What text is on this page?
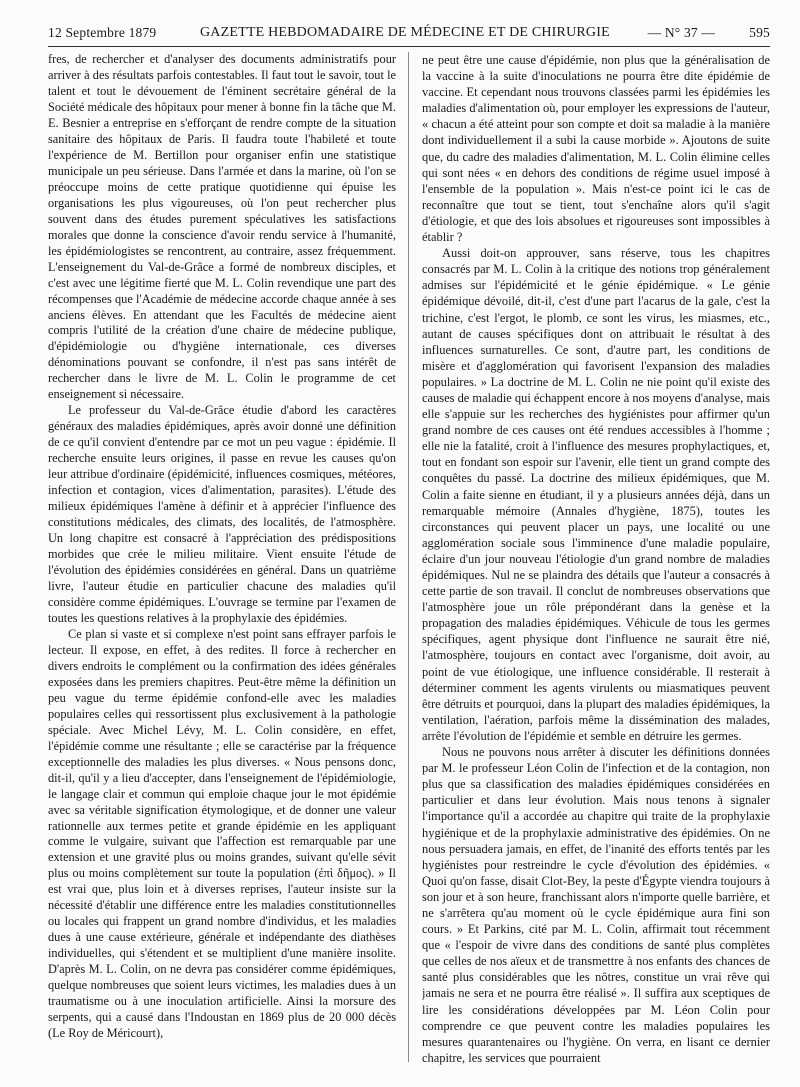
12 Septembre 1879	GAZETTE HEBDOMADAIRE DE MÉDECINE ET DE CHIRURGIE	— N° 37 —	595

fres, de rechercher et d'analyser des documents administratifs pour arriver à des résultats parfois contestables. Il faut tout le savoir, tout le talent et tout le dévouement de l'éminent secrétaire général de la Société médicale des hôpitaux pour mener à bonne fin la tâche que M. E. Besnier a entreprise en s'efforçant de rendre compte de la situation sanitaire des hôpitaux de Paris. Il faudra toute l'habileté et toute l'expérience de M. Bertillon pour organiser enfin une statistique municipale un peu sérieuse. Dans l'armée et dans la marine, où l'on se préoccupe moins de cette pratique quotidienne qui épuise les organisations les plus vigoureuses, où l'on peut rechercher plus souvent dans des études purement spéculatives les satisfactions morales que donne la conscience d'avoir rendu service à l'humanité, les épidémiologistes se rencontrent, au contraire, assez fréquemment. L'enseignement du Val-de-Grâce a formé de nombreux disciples, et c'est avec une légitime fierté que M. L. Colin revendique une part des récompenses que l'Académie de médecine accorde chaque année à ses anciens élèves. En attendant que les Facultés de médecine aient compris l'utilité de la création d'une chaire de médecine publique, d'épidémiologie ou d'hygiène internationale, ces diverses dénominations pouvant se confondre, il n'est pas sans intérêt de rechercher dans le livre de M. L. Colin le programme de cet enseignement si nécessaire.

Le professeur du Val-de-Grâce étudie d'abord les caractères généraux des maladies épidémiques, après avoir donné une définition de ce qu'il convient d'entendre par ce mot un peu vague : épidémie. Il recherche ensuite leurs origines, il passe en revue les causes qu'on leur attribue d'ordinaire (épidémicité, influences cosmiques, météores, infection et contagion, vices d'alimentation, parasites). L'étude des milieux épidémiques l'amène à définir et à apprécier l'influence des constitutions médicales, des climats, des localités, de l'atmosphère. Un long chapitre est consacré à l'appréciation des prédispositions morbides que crée le milieu militaire. Vient ensuite l'étude de l'évolution des épidémies considérées en général. Dans un quatrième livre, l'auteur étudie en particulier chacune des maladies qu'il considère comme épidémiques. L'ouvrage se termine par l'examen de toutes les questions relatives à la prophylaxie des épidémies.

Ce plan si vaste et si complexe n'est point sans effrayer parfois le lecteur. Il expose, en effet, à des redites. Il force à rechercher en divers endroits le complément ou la confirmation des idées générales exposées dans les premiers chapitres. Peut-être même la définition un peu vague du terme épidémie confond-elle avec les maladies populaires celles qui ressortissent plus exclusivement à la pathologie spéciale. Avec Michel Lévy, M. L. Colin considère, en effet, l'épidémie comme une résultante ; elle se caractérise par la fréquence exceptionnelle des maladies les plus diverses. « Nous pensons donc, dit-il, qu'il y a lieu d'accepter, dans l'enseignement de l'épidémiologie, le langage clair et commun qui emploie chaque jour le mot épidémie avec sa véritable signification étymologique, et de donner une valeur rationnelle aux termes petite et grande épidémie en les appliquant comme le vulgaire, suivant que l'affection est remarquable par une extension et une gravité plus ou moins grandes, suivant qu'elle sévit plus ou moins complètement sur toute la population (ἐπὶ δῆμος). » Il est vrai que, plus loin et à diverses reprises, l'auteur insiste sur la nécessité d'établir une différence entre les maladies constitutionnelles ou locales qui frappent un grand nombre d'individus, et les maladies dues à une cause extérieure, générale et indépendante des diathèses individuelles, qui s'étendent et se multiplient d'une manière insolite. D'après M. L. Colin, on ne devra pas considérer comme épidémiques, quelque nombreuses que soient leurs victimes, les maladies dues à un traumatisme ou à une inoculation artificielle. Ainsi la morsure des serpents, qui a causé dans l'Indoustan en 1869 plus de 20 000 décès (Le Roy de Méricourt),

ne peut être une cause d'épidémie, non plus que la généralisation de la vaccine à la suite d'inoculations ne pourra être dite épidémie de vaccine. Et cependant nous trouvons classées parmi les épidémies les maladies d'alimentation où, pour employer les expressions de l'auteur, « chacun a été atteint pour son compte et doit sa maladie à la manière dont individuellement il a subi la cause morbide ». Ajoutons de suite que, du cadre des maladies d'alimentation, M. L. Colin élimine celles qui sont nées « en dehors des conditions de régime usuel imposé à l'ensemble de la population ». Mais n'est-ce point ici le cas de reconnaître que tout se tient, tout s'enchaîne alors qu'il s'agit d'étiologie, et que des lois absolues et rigoureuses sont impossibles à établir ?

Aussi doit-on approuver, sans réserve, tous les chapitres consacrés par M. L. Colin à la critique des notions trop généralement admises sur l'épidémicité et le génie épidémique. « Le génie épidémique dévoilé, dit-il, c'est d'une part l'acarus de la gale, c'est la trichine, c'est l'ergot, le plomb, ce sont les virus, les miasmes, etc., autant de causes spécifiques dont on attribuait le résultat à des influences surnaturelles. Ce sont, d'autre part, les conditions de misère et d'agglomération qui favorisent l'expansion des maladies populaires. » La doctrine de M. L. Colin ne nie point qu'il existe des causes de maladie qui échappent encore à nos moyens d'analyse, mais elle s'appuie sur les recherches des hygiénistes pour affirmer qu'un grand nombre de ces causes ont été rendues accessibles à l'homme ; elle nie la fatalité, croit à l'influence des mesures prophylactiques, et, tout en fondant son espoir sur l'avenir, elle tient un grand compte des conquêtes du passé. La doctrine des milieux épidémiques, que M. Colin a faite sienne en étudiant, il y a plusieurs années déjà, dans un remarquable mémoire (Annales d'hygiène, 1875), toutes les circonstances qui peuvent placer un pays, une localité ou une agglomération sociale sous l'imminence d'une maladie populaire, éclaire d'un jour nouveau l'étiologie d'un grand nombre de maladies épidémiques. Nul ne se plaindra des détails que l'auteur a consacrés à cette partie de son travail. Il conclut de nombreuses observations que l'atmosphère joue un rôle prépondérant dans la genèse et la propagation des maladies épidémiques. Véhicule de tous les germes spécifiques, agent physique dont l'influence ne saurait être nié, l'atmosphère, toujours en contact avec l'organisme, doit avoir, au point de vue étiologique, une influence considérable. Il resterait à déterminer comment les agents virulents ou miasmatiques peuvent être détruits et pourquoi, dans la plupart des maladies épidémiques, la ventilation, l'aération, parfois même la dissémination des malades, arrête l'évolution de l'épidémie et semble en détruire les germes.

Nous ne pouvons nous arrêter à discuter les définitions données par M. le professeur Léon Colin de l'infection et de la contagion, non plus que sa classification des maladies épidémiques considérées en particulier et dans leur évolution. Mais nous tenons à signaler l'importance qu'il a accordée au chapitre qui traite de la prophylaxie hygiénique et de la prophylaxie administrative des épidémies. On ne nous persuadera jamais, en effet, de l'inanité des efforts tentés par les hygiénistes pour restreindre le cycle d'évolution des épidémies. « Quoi qu'on fasse, disait Clot-Bey, la peste d'Égypte viendra toujours à son jour et à son heure, franchissant alors n'importe quelle barrière, et ne s'arrêtera qu'au moment où le cycle épidémique aura fini son cours. » Et Parkins, cité par M. L. Colin, affirmait tout récemment que « l'espoir de vivre dans des conditions de santé plus complètes que celles de nos aïeux et de transmettre à nos enfants des chances de santé plus considérables que les nôtres, constitue un vrai rêve qui jamais ne sera et ne pourra être réalisé ». Il suffira aux sceptiques de lire les considérations développées par M. Léon Colin pour comprendre ce que peuvent contre les maladies populaires les mesures quarantenaires ou l'hygiène. On verra, en lisant ce dernier chapitre, les services que pourraient
